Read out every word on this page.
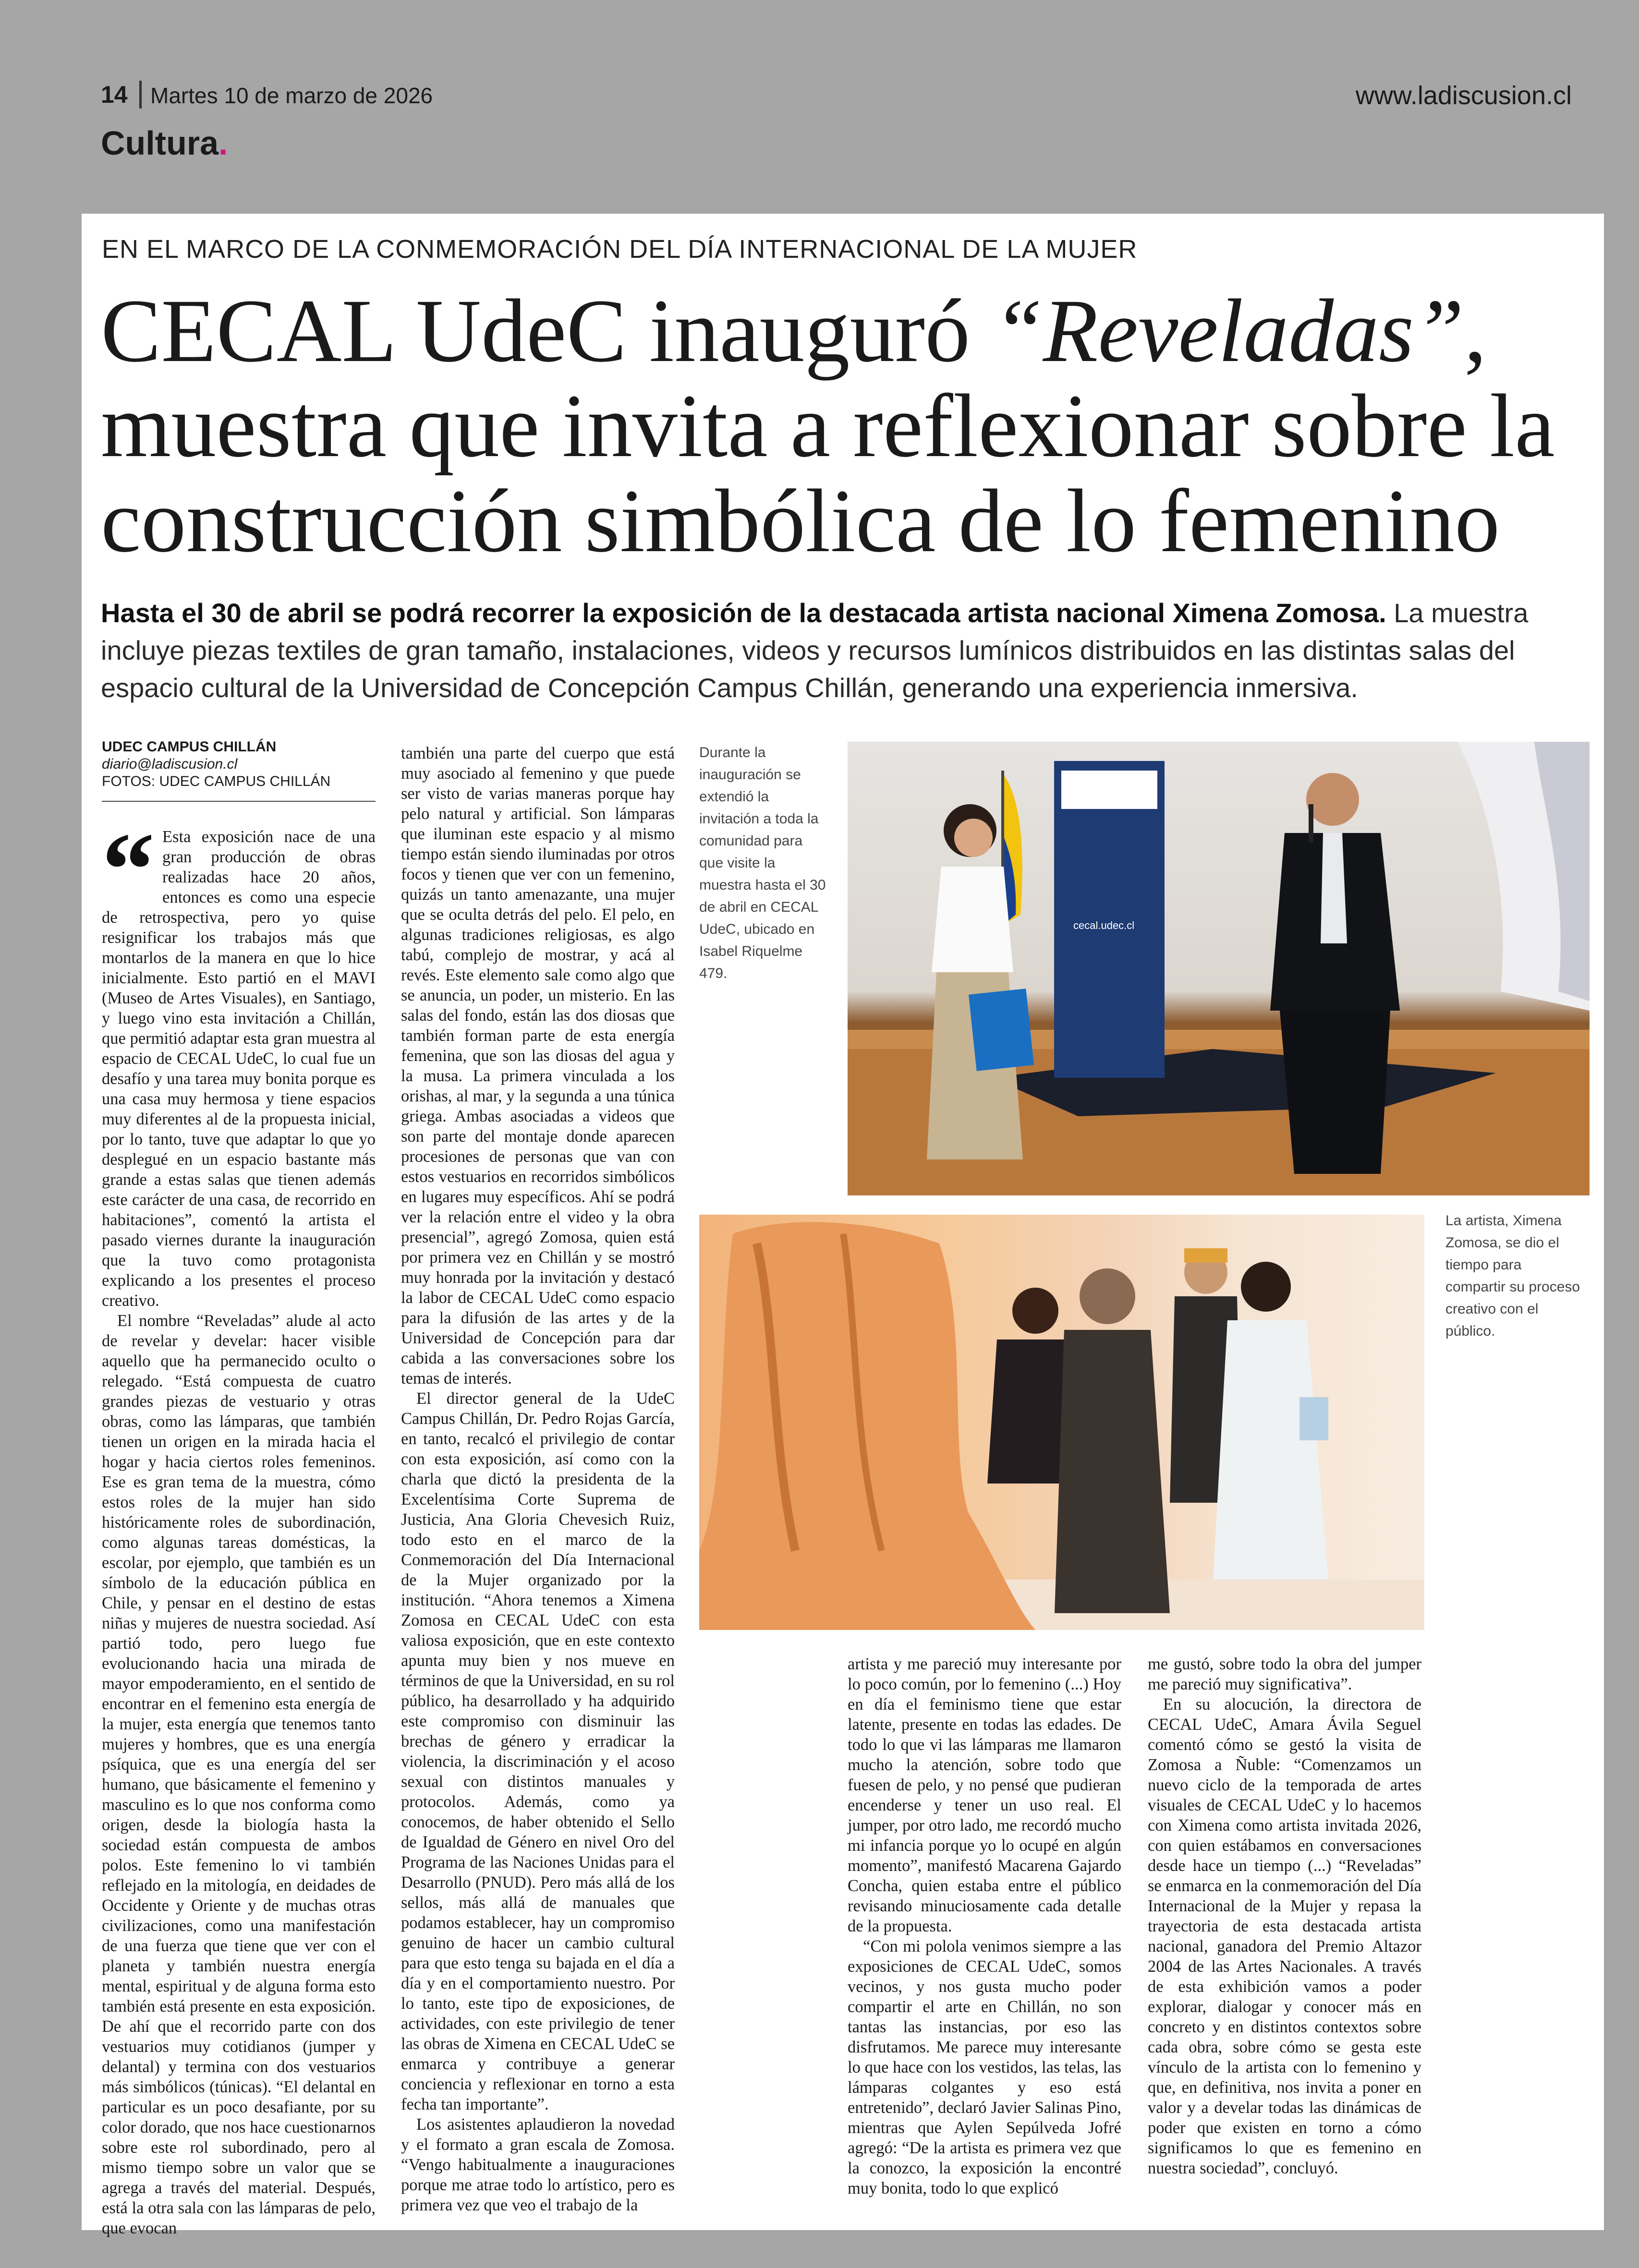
14 Martes 10 de marzo de 2026	www.ladiscusion.cl
Cultura.
EN EL MARCO DE LA CONMEMORACIÓN DEL DÍA INTERNACIONAL DE LA MUJER
CECAL UdeC inauguró “Reveladas”, muestra que invita a reflexionar sobre la construcción simbólica de lo femenino
Hasta el 30 de abril se podrá recorrer la exposición de la destacada artista nacional Ximena Zomosa. La muestra incluye piezas textiles de gran tamaño, instalaciones, videos y recursos lumínicos distribuidos en las distintas salas del espacio cultural de la Universidad de Concepción Campus Chillán, generando una experiencia inmersiva.
UDEC CAMPUS CHILLÁN
diario@ladiscusion.cl
FOTOS: UDEC CAMPUS CHILLÁN
“ Esta exposición nace de una gran producción de obras realizadas hace 20 años, entonces es como una especie de retrospectiva, pero yo quise resignificar los trabajos más que montarlos de la manera en que lo hice inicialmente. Esto partió en el MAVI (Museo de Artes Visuales), en Santiago, y luego vino esta invitación a Chillán, que permitió adaptar esta gran muestra al espacio de CECAL UdeC, lo cual fue un desafío y una tarea muy bonita porque es una casa muy hermosa y tiene espacios muy diferentes al de la propuesta inicial, por lo tanto, tuve que adaptar lo que yo desplegué en un espacio bastante más grande a estas salas que tienen además este carácter de una casa, de recorrido en habitaciones”, comentó la artista el pasado viernes durante la inauguración que la tuvo como protagonista explicando a los presentes el proceso creativo.

El nombre “Reveladas” alude al acto de revelar y develar: hacer visible aquello que ha permanecido oculto o relegado. “Está compuesta de cuatro grandes piezas de vestuario y otras obras, como las lámparas, que también tienen un origen en la mirada hacia el hogar y hacia ciertos roles femeninos. Ese es gran tema de la muestra, cómo estos roles de la mujer han sido históricamente roles de subordinación, como algunas tareas domésticas, la escolar, por ejemplo, que también es un símbolo de la educación pública en Chile, y pensar en el destino de estas niñas y mujeres de nuestra sociedad. Así partió todo, pero luego fue evolucionando hacia una mirada de mayor empoderamiento, en el sentido de encontrar en el femenino esta energía de la mujer, esta energía que tenemos tanto mujeres y hombres, que es una energía psíquica, que es una energía del ser humano, que básicamente el femenino y masculino es lo que nos conforma como origen, desde la biología hasta la sociedad están compuesta de ambos polos. Este femenino lo vi también reflejado en la mitología, en deidades de Occidente y Oriente y de muchas otras civilizaciones, como una manifestación de una fuerza que tiene que ver con el planeta y también nuestra energía mental, espiritual y de alguna forma esto también está presente en esta exposición. De ahí que el recorrido parte con dos vestuarios muy cotidianos (jumper y delantal) y termina con dos vestuarios más simbólicos (túnicas). “El delantal en particular es un poco desafiante, por su color dorado, que nos hace cuestionarnos sobre este rol subordinado, pero al mismo tiempo sobre un valor que se agrega a través del material. Después, está la otra sala con las lámparas de pelo, que evocan

también una parte del cuerpo que está muy asociado al femenino y que puede ser visto de varias maneras porque hay pelo natural y artificial. Son lámparas que iluminan este espacio y al mismo tiempo están siendo iluminadas por otros focos y tienen que ver con un femenino, quizás un tanto amenazante, una mujer que se oculta detrás del pelo. El pelo, en algunas tradiciones religiosas, es algo tabú, complejo de mostrar, y acá al revés. Este elemento sale como algo que se anuncia, un poder, un misterio. En las salas del fondo, están las dos diosas que también forman parte de esta energía femenina, que son las diosas del agua y la musa. La primera vinculada a los orishas, al mar, y la segunda a una túnica griega. Ambas asociadas a videos que son parte del montaje donde aparecen procesiones de personas que van con estos vestuarios en recorridos simbólicos en lugares muy específicos. Ahí se podrá ver la relación entre el video y la obra presencial”, agregó Zomosa, quien está por primera vez en Chillán y se mostró muy honrada por la invitación y destacó la labor de CECAL UdeC como espacio para la difusión de las artes y de la Universidad de Concepción para dar cabida a las conversaciones sobre los temas de interés.

El director general de la UdeC Campus Chillán, Dr. Pedro Rojas García, en tanto, recalcó el privilegio de contar con esta exposición, así como con la charla que dictó la presidenta de la Excelentísima Corte Suprema de Justicia, Ana Gloria Chevesich Ruiz, todo esto en el marco de la Conmemoración del Día Internacional de la Mujer organizado por la institución. “Ahora tenemos a Ximena Zomosa en CECAL UdeC con esta valiosa exposición, que en este contexto apunta muy bien y nos mueve en términos de que la Universidad, en su rol público, ha desarrollado y ha adquirido este compromiso con disminuir las brechas de género y erradicar la violencia, la discriminación y el acoso sexual con distintos manuales y protocolos. Además, como ya conocemos, de haber obtenido el Sello de Igualdad de Género en nivel Oro del Programa de las Naciones Unidas para el Desarrollo (PNUD). Pero más allá de los sellos, más allá de manuales que podamos establecer, hay un compromiso genuino de hacer un cambio cultural para que esto tenga su bajada en el día a día y en el comportamiento nuestro. Por lo tanto, este tipo de exposiciones, de actividades, con este privilegio de tener las obras de Ximena en CECAL UdeC se enmarca y contribuye a generar conciencia y reflexionar en torno a esta fecha tan importante”.

Los asistentes aplaudieron la novedad y el formato a gran escala de Zomosa. “Vengo habitualmente a inauguraciones porque me atrae todo lo artístico, pero es primera vez que veo el trabajo de la

Durante la inauguración se extendió la invitación a toda la comunidad para que visite la muestra hasta el 30 de abril en CECAL UdeC, ubicado en Isabel Riquelme 479.
cecal.udec.cl
La artista, Ximena Zomosa, se dio el tiempo para compartir su proceso creativo con el público.

artista y me pareció muy interesante por lo poco común, por lo femenino (...) Hoy en día el feminismo tiene que estar latente, presente en todas las edades. De todo lo que vi las lámparas me llamaron mucho la atención, sobre todo que fuesen de pelo, y no pensé que pudieran encenderse y tener un uso real. El jumper, por otro lado, me recordó mucho mi infancia porque yo lo ocupé en algún momento”, manifestó Macarena Gajardo Concha, quien estaba entre el público revisando minuciosamente cada detalle de la propuesta.

“Con mi polola venimos siempre a las exposiciones de CECAL UdeC, somos vecinos, y nos gusta mucho poder compartir el arte en Chillán, no son tantas las instancias, por eso las disfrutamos. Me parece muy interesante lo que hace con los vestidos, las telas, las lámparas colgantes y eso está entretenido”, declaró Javier Salinas Pino, mientras que Aylen Sepúlveda Jofré agregó: “De la artista es primera vez que la conozco, la exposición la encontré muy bonita, todo lo que explicó

me gustó, sobre todo la obra del jumper me pareció muy significativa”.

En su alocución, la directora de CECAL UdeC, Amara Ávila Seguel comentó cómo se gestó la visita de Zomosa a Ñuble: “Comenzamos un nuevo ciclo de la temporada de artes visuales de CECAL UdeC y lo hacemos con Ximena como artista invitada 2026, con quien estábamos en conversaciones desde hace un tiempo (...) “Reveladas” se enmarca en la conmemoración del Día Internacional de la Mujer y repasa la trayectoria de esta destacada artista nacional, ganadora del Premio Altazor 2004 de las Artes Nacionales. A través de esta exhibición vamos a poder explorar, dialogar y conocer más en concreto y en distintos contextos sobre cada obra, sobre cómo se gesta este vínculo de la artista con lo femenino y que, en definitiva, nos invita a poner en valor y a develar todas las dinámicas de poder que existen en torno a cómo significamos lo que es femenino en nuestra sociedad”, concluyó.
